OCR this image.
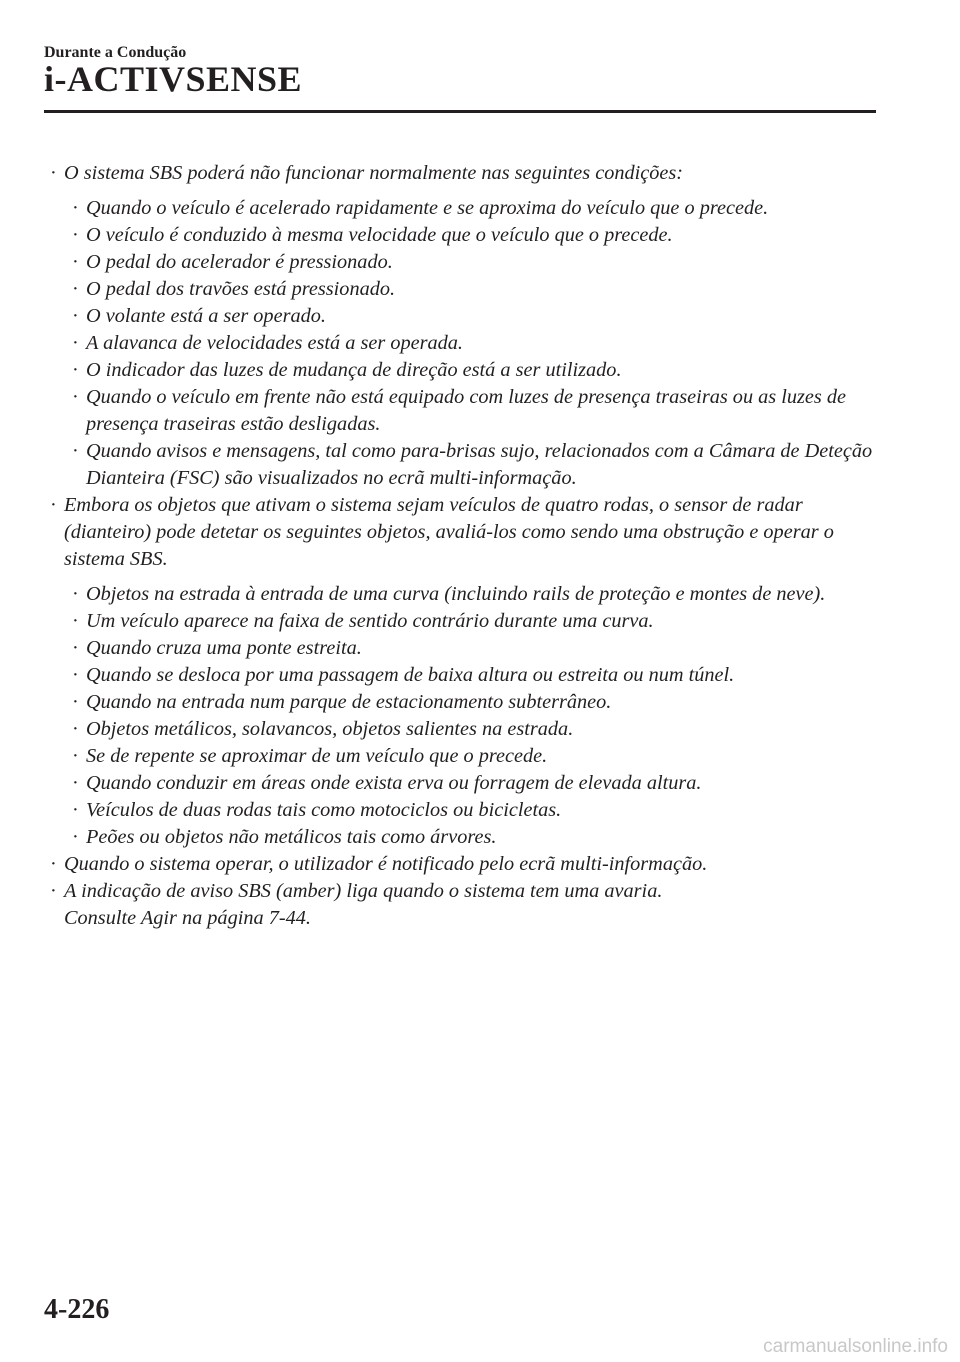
Durante a Condução
i-ACTIVSENSE
· O sistema SBS poderá não funcionar normalmente nas seguintes condições:
· Quando o veículo é acelerado rapidamente e se aproxima do veículo que o precede.
· O veículo é conduzido à mesma velocidade que o veículo que o precede.
· O pedal do acelerador é pressionado.
· O pedal dos travões está pressionado.
· O volante está a ser operado.
· A alavanca de velocidades está a ser operada.
· O indicador das luzes de mudança de direção está a ser utilizado.
· Quando o veículo em frente não está equipado com luzes de presença traseiras ou as luzes de presença traseiras estão desligadas.
· Quando avisos e mensagens, tal como para-brisas sujo, relacionados com a Câmara de Deteção Dianteira (FSC) são visualizados no ecrã multi-informação.
· Embora os objetos que ativam o sistema sejam veículos de quatro rodas, o sensor de radar (dianteiro) pode detetar os seguintes objetos, avaliá-los como sendo uma obstrução e operar o sistema SBS.
· Objetos na estrada à entrada de uma curva (incluindo rails de proteção e montes de neve).
· Um veículo aparece na faixa de sentido contrário durante uma curva.
· Quando cruza uma ponte estreita.
· Quando se desloca por uma passagem de baixa altura ou estreita ou num túnel.
· Quando na entrada num parque de estacionamento subterrâneo.
· Objetos metálicos, solavancos, objetos salientes na estrada.
· Se de repente se aproximar de um veículo que o precede.
· Quando conduzir em áreas onde exista erva ou forragem de elevada altura.
· Veículos de duas rodas tais como motociclos ou bicicletas.
· Peões ou objetos não metálicos tais como árvores.
· Quando o sistema operar, o utilizador é notificado pelo ecrã multi-informação.
· A indicação de aviso SBS (amber) liga quando o sistema tem uma avaria.
Consulte Agir na página 7-44.
4-226
carmanualsonline.info
